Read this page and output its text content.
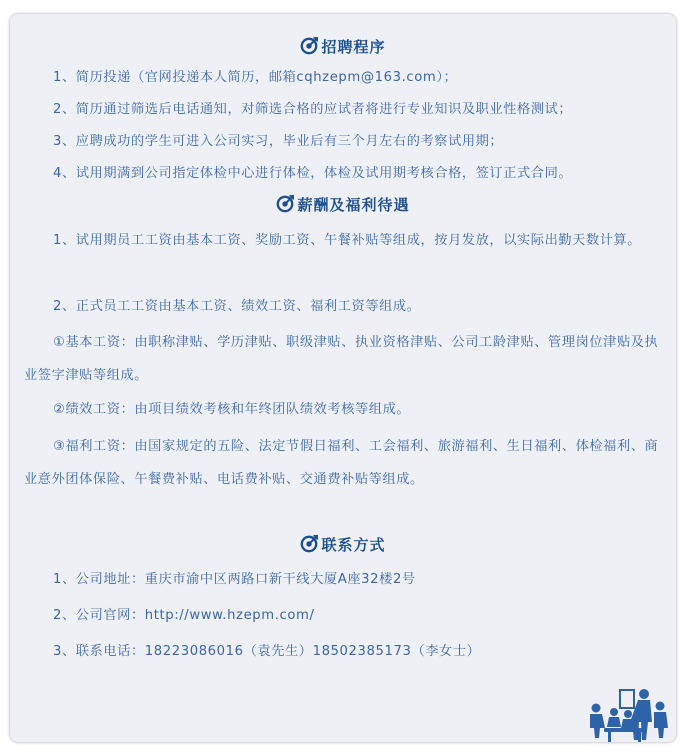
招聘程序
1、简历投递（官网投递本人简历，邮箱cqhzepm@163.com）；
2、简历通过筛选后电话通知，对筛选合格的应试者将进行专业知识及职业性格测试；
3、应聘成功的学生可进入公司实习，毕业后有三个月左右的考察试用期；
4、试用期满到公司指定体检中心进行体检，体检及试用期考核合格，签订正式合同。
薪酬及福利待遇
1、试用期员工工资由基本工资、奖励工资、午餐补贴等组成，按月发放，以实际出勤天数计算。
2、正式员工工资由基本工资、绩效工资、福利工资等组成。
①基本工资：由职称津贴、学历津贴、职级津贴、执业资格津贴、公司工龄津贴、管理岗位津贴及执业签字津贴等组成。
②绩效工资：由项目绩效考核和年终团队绩效考核等组成。
③福利工资：由国家规定的五险、法定节假日福利、工会福利、旅游福利、生日福利、体检福利、商业意外团体保险、午餐费补贴、电话费补贴、交通费补贴等组成。
联系方式
1、公司地址：重庆市渝中区两路口新干线大厦A座32楼2号
2、公司官网：http://www.hzepm.com/
3、联系电话：18223086016（袁先生）18502385173（李女士）
